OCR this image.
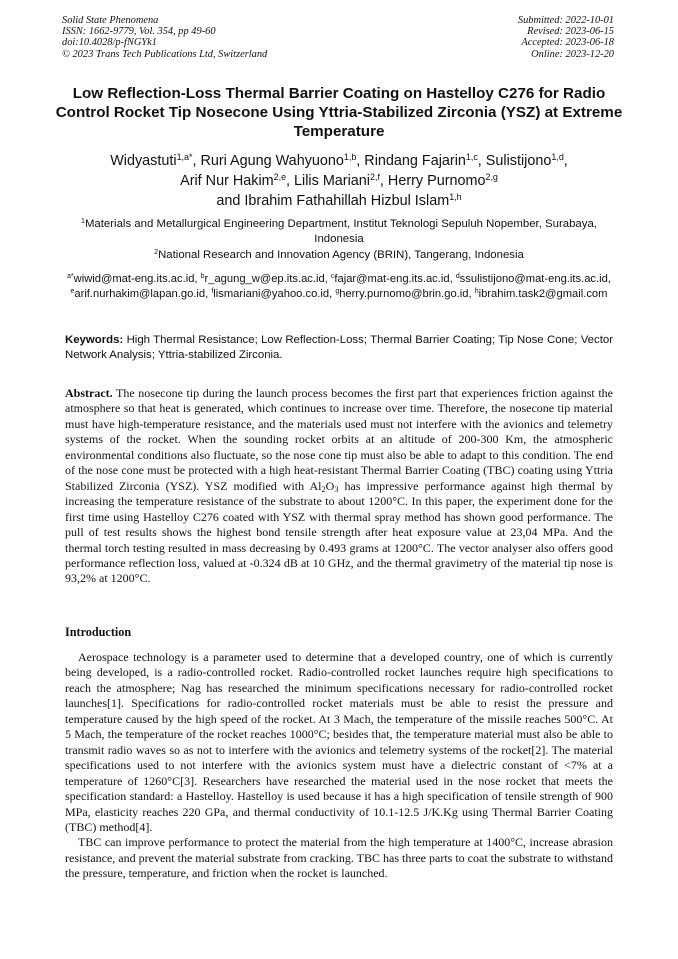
Solid State Phenomena
ISSN: 1662-9779, Vol. 354, pp 49-60
doi:10.4028/p-fNGYk1
© 2023 Trans Tech Publications Ltd, Switzerland
Submitted: 2022-10-01
Revised: 2023-06-15
Accepted: 2023-06-18
Online: 2023-12-20
Low Reflection-Loss Thermal Barrier Coating on Hastelloy C276 for Radio Control Rocket Tip Nosecone Using Yttria-Stabilized Zirconia (YSZ) at Extreme Temperature
Widyastuti$^{1,a*}$, Ruri Agung Wahyuono$^{1,b}$, Rindang Fajarin$^{1,c}$, Sulistijono$^{1,d}$,
Arif Nur Hakim$^{2,e}$, Lilis Mariani$^{2,f}$, Herry Purnomo$^{2,g}$
and Ibrahim Fathahillah Hizbul Islam$^{1,h}$
$^1$Materials and Metallurgical Engineering Department, Institut Teknologi Sepuluh Nopember, Surabaya, Indonesia
$^2$National Research and Innovation Agency (BRIN), Tangerang, Indonesia
$^{a*}$wiwid@mat-eng.its.ac.id, $^b$r_agung_w@ep.its.ac.id, $^c$fajar@mat-eng.its.ac.id, $^d$ssulistijono@mat-eng.its.ac.id, $^e$arif.nurhakim@lapan.go.id, $^f$lismariani@yahoo.co.id, $^g$herry.purnomo@brin.go.id, $^h$ibrahim.task2@gmail.com
Keywords: High Thermal Resistance; Low Reflection-Loss; Thermal Barrier Coating; Tip Nose Cone; Vector Network Analysis; Yttria-stabilized Zirconia.
Abstract. The nosecone tip during the launch process becomes the first part that experiences friction against the atmosphere so that heat is generated, which continues to increase over time. Therefore, the nosecone tip material must have high-temperature resistance, and the materials used must not interfere with the avionics and telemetry systems of the rocket. When the sounding rocket orbits at an altitude of 200-300 Km, the atmospheric environmental conditions also fluctuate, so the nose cone tip must also be able to adapt to this condition. The end of the nose cone must be protected with a high heat-resistant Thermal Barrier Coating (TBC) coating using Yttria Stabilized Zirconia (YSZ). YSZ modified with $Al_2O_3$ has impressive performance against high thermal by increasing the temperature resistance of the substrate to about 1200°C. In this paper, the experiment done for the first time using Hastelloy C276 coated with YSZ with thermal spray method has shown good performance. The pull of test results shows the highest bond tensile strength after heat exposure value at 23,04 MPa. And the thermal torch testing resulted in mass decreasing by 0.493 grams at 1200°C. The vector analyser also offers good performance reflection loss, valued at -0.324 dB at 10 GHz, and the thermal gravimetry of the material tip nose is 93,2% at 1200°C.
Introduction

Aerospace technology is a parameter used to determine that a developed country, one of which is currently being developed, is a radio-controlled rocket. Radio-controlled rocket launches require high specifications to reach the atmosphere; Nag has researched the minimum specifications necessary for radio-controlled rocket launches[1]. Specifications for radio-controlled rocket materials must be able to resist the pressure and temperature caused by the high speed of the rocket. At 3 Mach, the temperature of the missile reaches 500°C. At 5 Mach, the temperature of the rocket reaches 1000°C; besides that, the temperature material must also be able to transmit radio waves so as not to interfere with the avionics and telemetry systems of the rocket[2]. The material specifications used to not interfere with the avionics system must have a dielectric constant of <7% at a temperature of 1260°C[3]. Researchers have researched the material used in the nose rocket that meets the specification standard: a Hastelloy. Hastelloy is used because it has a high specification of tensile strength of 900 MPa, elasticity reaches 220 GPa, and thermal conductivity of 10.1-12.5 J/K.Kg using Thermal Barrier Coating (TBC) method[4].

TBC can improve performance to protect the material from the high temperature at 1400°C, increase abrasion resistance, and prevent the material substrate from cracking. TBC has three parts to coat the substrate to withstand the pressure, temperature, and friction when the rocket is launched.
